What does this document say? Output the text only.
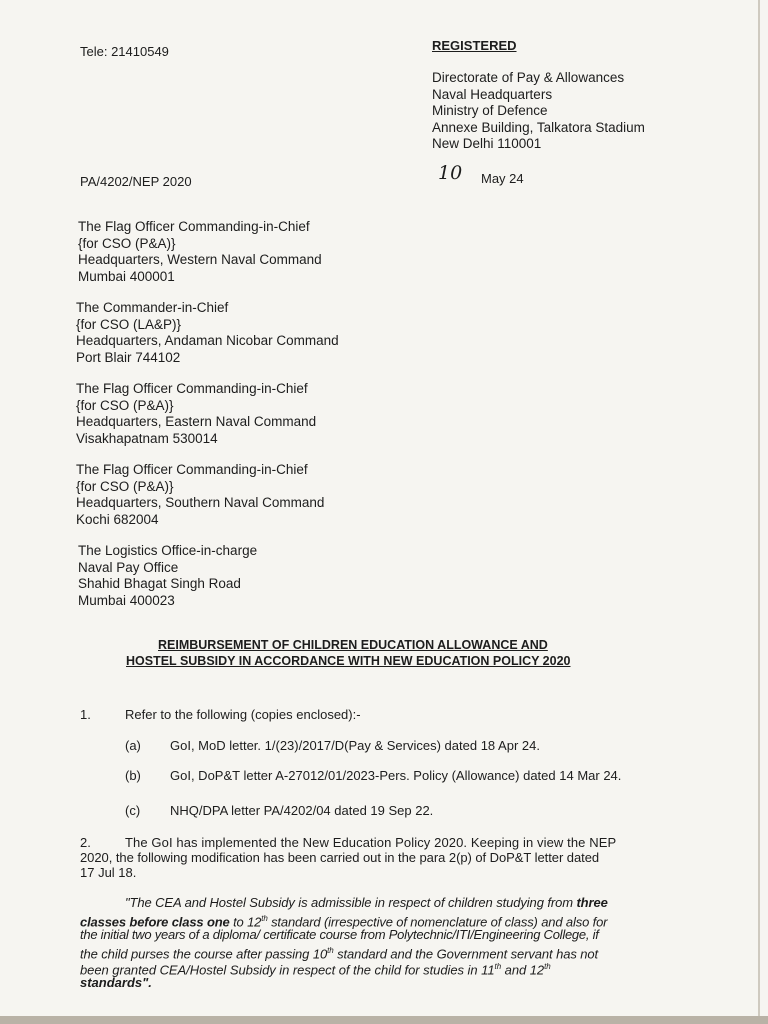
Tele: 21410549	REGISTERED
Directorate of Pay & Allowances
Naval Headquarters
Ministry of Defence
Annexe Building, Talkatora Stadium
New Delhi 110001
PA/4202/NEP 2020	10 May 24
The Flag Officer Commanding-in-Chief
{for CSO (P&A)}
Headquarters, Western Naval Command
Mumbai 400001
The Commander-in-Chief
{for CSO (LA&P)}
Headquarters, Andaman Nicobar Command
Port Blair 744102
The Flag Officer Commanding-in-Chief
{for CSO (P&A)}
Headquarters, Eastern Naval Command
Visakhapatnam 530014
The Flag Officer Commanding-in-Chief
{for CSO (P&A)}
Headquarters, Southern Naval Command
Kochi 682004
The Logistics Office-in-charge
Naval Pay Office
Shahid Bhagat Singh Road
Mumbai 400023
REIMBURSEMENT OF CHILDREN EDUCATION ALLOWANCE AND
HOSTEL SUBSIDY IN ACCORDANCE WITH NEW EDUCATION POLICY 2020
1.	Refer to the following (copies enclosed):-
(a) GoI, MoD letter. 1/(23)/2017/D(Pay & Services) dated 18 Apr 24.
(b) GoI, DoP&T letter A-27012/01/2023-Pers. Policy (Allowance) dated 14 Mar 24.
(c) NHQ/DPA letter PA/4202/04 dated 19 Sep 22.
2.	The GoI has implemented the New Education Policy 2020. Keeping in view the NEP
2020, the following modification has been carried out in the para 2(p) of DoP&T letter dated
17 Jul 18.
"The CEA and Hostel Subsidy is admissible in respect of children studying from three
classes before class one to 12th standard (irrespective of nomenclature of class) and also for
the initial two years of a diploma/ certificate course from Polytechnic/ITI/Engineering College, if
the child purses the course after passing 10th standard and the Government servant has not
been granted CEA/Hostel Subsidy in respect of the child for studies in 11th and 12th
standards".
